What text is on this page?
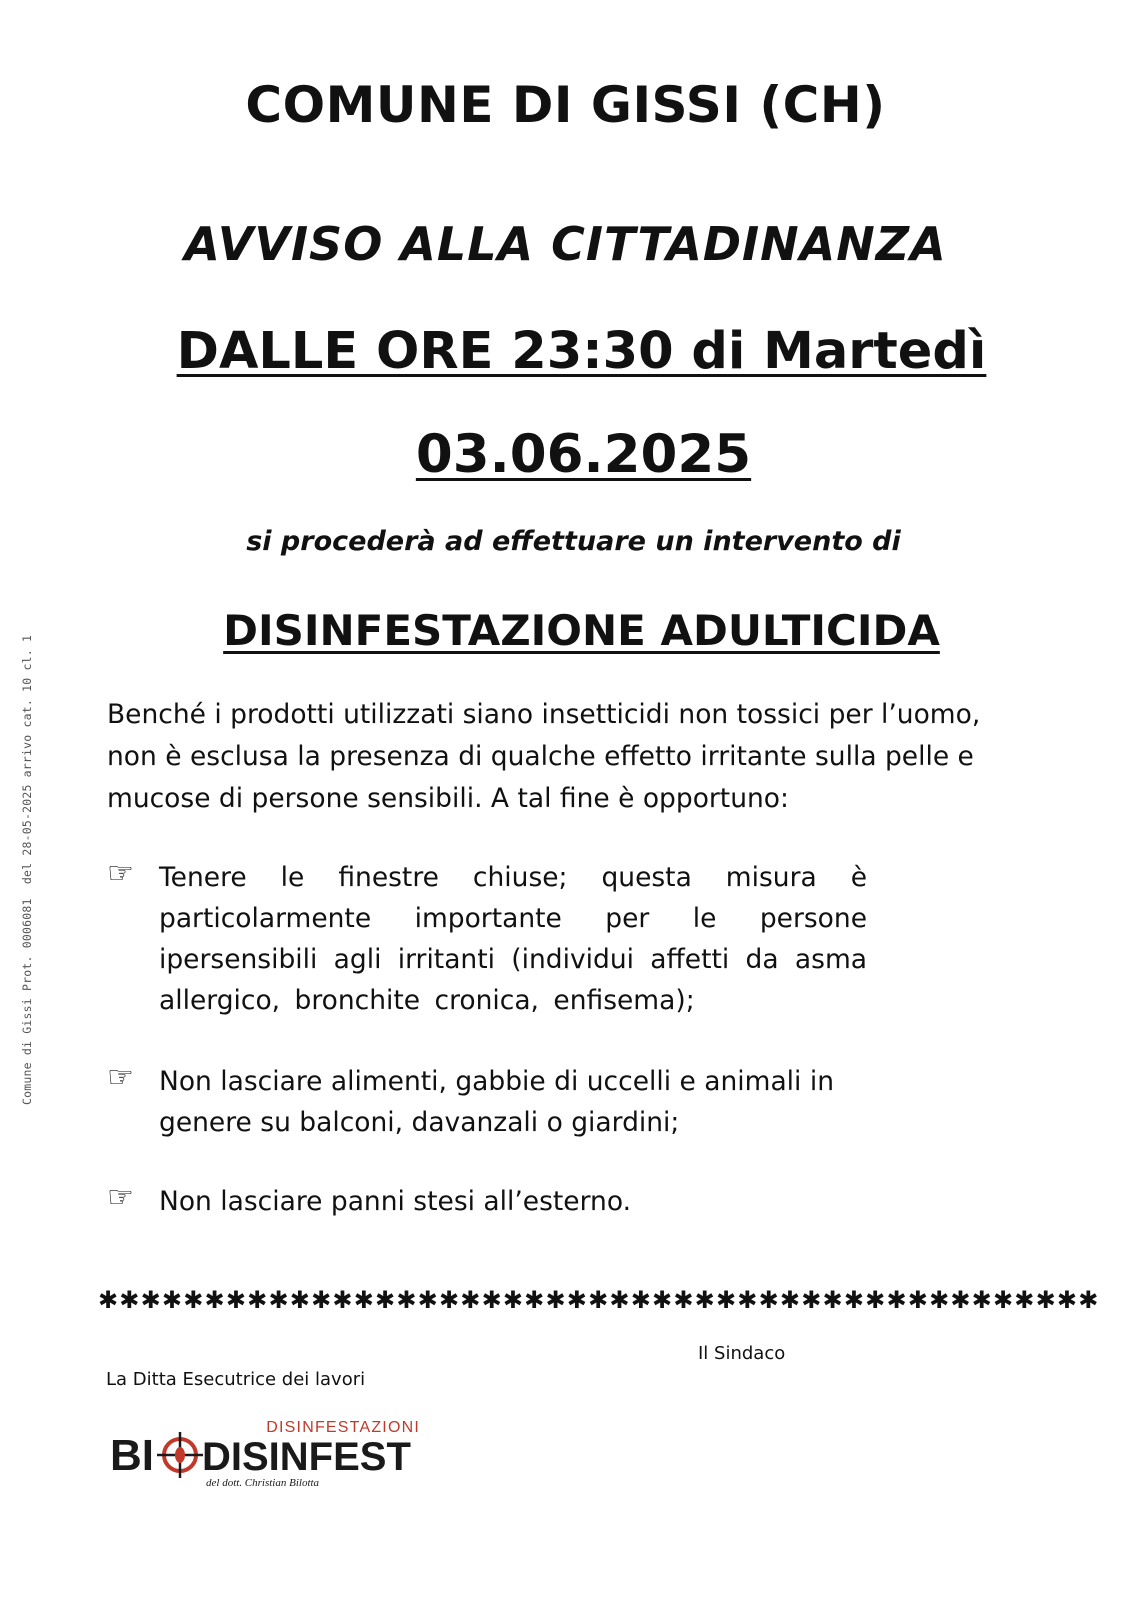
Comune di Gissi Prot. 0006081  del 28-05-2025 arrivo cat. 10 cl. 1
COMUNE DI GISSI (CH)
AVVISO ALLA CITTADINANZA
DALLE ORE 23:30 di Martedì
03.06.2025
si procederà ad effettuare un intervento di
DISINFESTAZIONE ADULTICIDA
Benché i prodotti utilizzati siano insetticidi non tossici per l’uomo, non è esclusa la presenza di qualche effetto irritante sulla pelle e mucose di persone sensibili. A tal fine è opportuno:
☞ Tenere le finestre chiuse; questa misura è particolarmente importante per le persone ipersensibili agli irritanti (individui affetti da asma allergico, bronchite cronica, enfisema);
☞ Non lasciare alimenti, gabbie di uccelli e animali in genere su balconi, davanzali o giardini;
☞ Non lasciare panni stesi all’esterno.
✱✱✱✱✱✱✱✱✱✱✱✱✱✱✱✱✱✱✱✱✱✱✱✱✱✱✱✱✱✱✱✱✱✱✱✱✱✱✱✱✱✱✱✱✱✱✱
Il Sindaco
La Ditta Esecutrice dei lavori
DISINFESTAZIONI
BI DISINFEST
del dott. Christian Bilotta
